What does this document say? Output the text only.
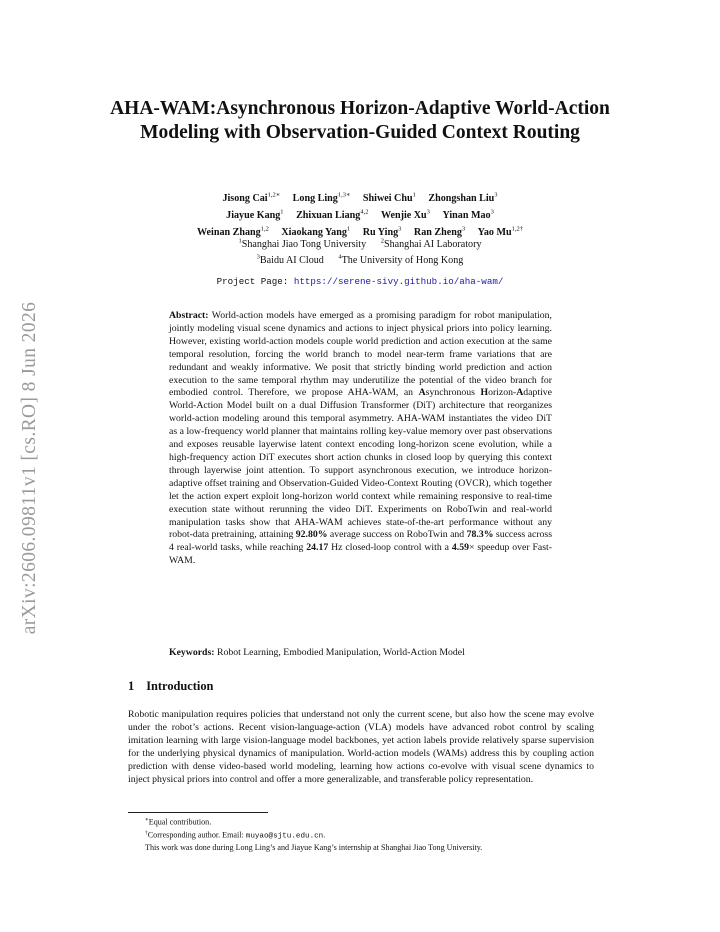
arXiv:2606.09811v1 [cs.RO] 8 Jun 2026
AHA-WAM:Asynchronous Horizon-Adaptive World-Action Modeling with Observation-Guided Context Routing
Jisong Cai$^{1,2∗}$ Long Ling$^{1,3∗}$ Shiwei Chu$^1$ Zhongshan Liu$^3$
Jiayue Kang$^1$ Zhixuan Liang$^{4,2}$ Wenjie Xu$^3$ Yinan Mao$^3$
Weinan Zhang$^{1,2}$ Xiaokang Yang$^1$ Ru Ying$^3$ Ran Zheng$^3$ Yao $Mu^{1,2\dagger}$
$^1$Shanghai Jiao Tong University $^2$Shanghai AI Laboratory
$^3$Baidu AI Cloud $^4$The University of Hong Kong
Project Page: https://serene-sivy.github.io/aha-wam/

Abstract: World-action models have emerged as a promising paradigm for robot manipulation, jointly modeling visual scene dynamics and actions to inject physical priors into policy learning. However, existing world-action models couple world prediction and action execution at the same temporal resolution, forcing the world branch to model near-term frame variations that are redundant and weakly informative. We posit that strictly binding world prediction and action execution to the same temporal rhythm may underutilize the potential of the video branch for embodied control. Therefore, we propose AHA-WAM, an Asynchronous Horizon-Adaptive World-Action Model built on a dual Diffusion Transformer (DiT) architecture that reorganizes world-action modeling around this temporal asymmetry. AHA-WAM instantiates the video DiT as a low-frequency world planner that maintains rolling key-value memory over past observations and exposes reusable layerwise latent context encoding long-horizon scene evolution, while a high-frequency action DiT executes short action chunks in closed loop by querying this context through layerwise joint attention. To support asynchronous execution, we introduce horizon-adaptive offset training and Observation-Guided Video-Context Routing (OVCR), which together let the action expert exploit long-horizon world context while remaining responsive to real-time execution state without rerunning the video DiT. Experiments on RoboTwin and real-world manipulation tasks show that AHA-WAM achieves state-of-the-art performance without any robot-data pretraining, attaining 92.80% average success on RoboTwin and 78.3% success across 4 real-world tasks, while reaching 24.17 Hz closed-loop control with a 4.59× speedup over Fast-WAM.

Keywords: Robot Learning, Embodied Manipulation, World-Action Model

1 Introduction

Robotic manipulation requires policies that understand not only the current scene, but also how the scene may evolve under the robot’s actions. Recent vision-language-action (VLA) models have advanced robot control by scaling imitation learning with large vision-language model backbones, yet action labels provide relatively sparse supervision for the underlying physical dynamics of manipulation. World-action models (WAMs) address this by coupling action prediction with dense video-based world modeling, learning how actions co-evolve with visual scene dynamics to inject physical priors into control and offer a more generalizable, and transferable policy representation.

∗Equal contribution.

†Corresponding author. Email: muyao@sjtu.edu.cn.

This work was done during Long Ling’s and Jiayue Kang’s internship at Shanghai Jiao Tong University.
